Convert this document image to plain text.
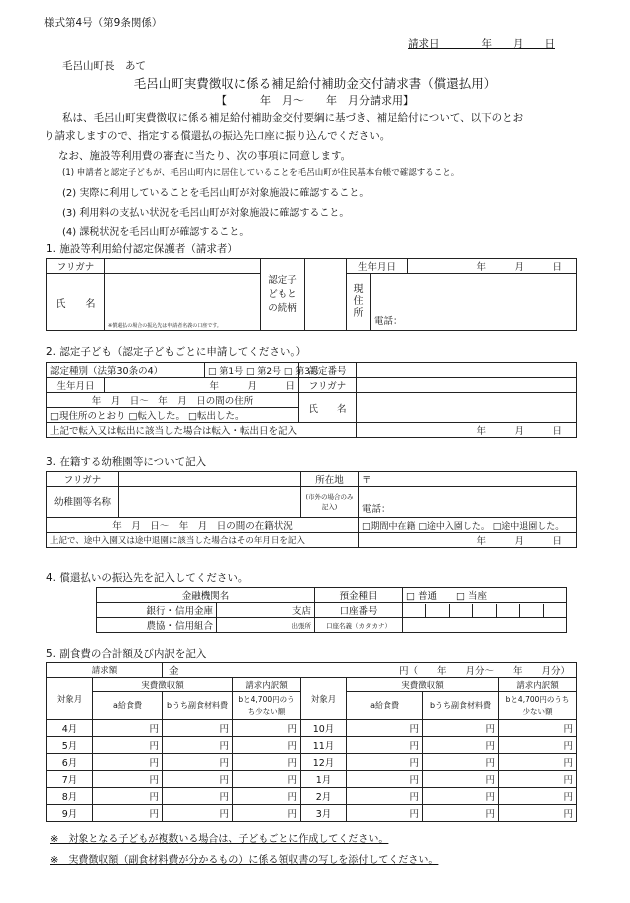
様式第4号（第9条関係）
請求日　　　　年　　月　　日
毛呂山町長　あて
毛呂山町実費徴収に係る補足給付補助金交付請求書（償還払用）
【　　　年　月～　　年　月分請求用】
私は、毛呂山町実費徴収に係る補足給付補助金交付要綱に基づき、補足給付について、以下のとお
り請求しますので、指定する償還払の振込先口座に振り込んでください。
なお、施設等利用費の審査に当たり、次の事項に同意します。
(1) 申請者と認定子どもが、毛呂山町内に居住していることを毛呂山町が住民基本台帳で確認すること。
(2) 実際に利用していることを毛呂山町が対象施設に確認すること。
(3) 利用料の支払い状況を毛呂山町が対象施設に確認すること。
(4) 課税状況を毛呂山町が確認すること。
1. 施設等利用給付認定保護者（請求者）
フリガナ		認定子どもとの続柄		生年月日 年　　　月　　　日	

氏　　名	※償還払の場合の振込先は申請者名義の口座です。			現住所	電話：
2. 認定子ども（認定子どもごとに申請してください。）
認定種別（法第30条の4）		□ 第1号 □ 第2号 □ 第3号	認定番号	
生年月日	年　　　月　　　日		フリガナ	
年　月　日～　年　月　日の間の住所			氏　　名	
□現住所のとおり □転入した。 □転出した。				
上記で転入又は転出に該当した場合は転入・転出日を記入				年　　　月　　　日
3. 在籍する幼稚園等について記入
フリガナ		所在地	〒
幼稚園等名称		(市外の場合のみ記入)	電話：
年　月　日～　年　月　日の間の在籍状況			□期間中在籍 □途中入園した。 □途中退園した。
上記で、途中入園又は途中退園に該当した場合はその年月日を記入			年　　　月　　　日
4. 償還払いの振込先を記入してください。
金融機関名		預金種目	□ 普通　　□ 当座
銀行・信用金庫	支店	口座番号	

農協・信用組合	出張所	口座名義（カタカナ）	
5. 副食費の合計額及び内訳を記入
請求額		金 円（　　年　　月分～　　年　　月分）					

対象月	実費徴収額		請求内訳額	対象月	実費徴収額		請求内訳額
	a給食費	bうち副食材料費	bと4,700円のうち少ない額		a給食費	bうち副食材料費	bと4,700円のうち少ない額
4月	円	円	円	10月	円	円	円
5月	円	円	円	11月	円	円	円
6月	円	円	円	12月	円	円	円
7月	円	円	円	1月	円	円	円
8月	円	円	円	2月	円	円	円
9月	円	円	円	3月	円	円	円
※　対象となる子どもが複数いる場合は、子どもごとに作成してください。
※　実費徴収額（副食材料費が分かるもの）に係る領収書の写しを添付してください。
